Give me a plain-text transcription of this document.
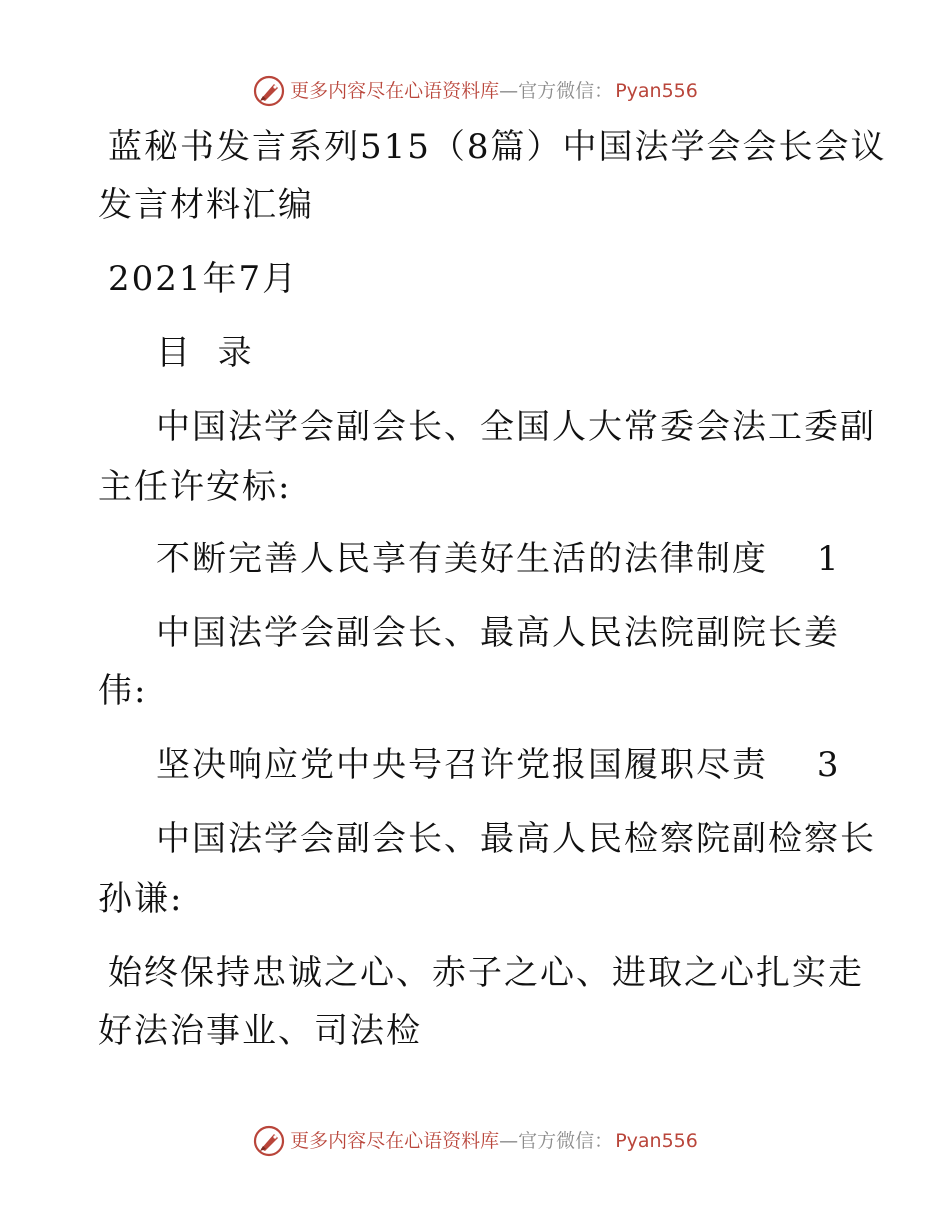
更多内容尽在心语资料库 —官方微信： Pyan556
蓝秘书发言系列515（8篇）中国法学会会长会议
发言材料汇编
2021年7月
目  录
中国法学会副会长、全国人大常委会法工委副
主任许安标:
不断完善人民享有美好生活的法律制度 1
中国法学会副会长、最高人民法院副院长姜
伟:
坚决响应党中央号召许党报国履职尽责 3
中国法学会副会长、最高人民检察院副检察长
孙谦:
始终保持忠诚之心、赤子之心、进取之心扎实走
好法治事业、司法检
更多内容尽在心语资料库 —官方微信： Pyan556
